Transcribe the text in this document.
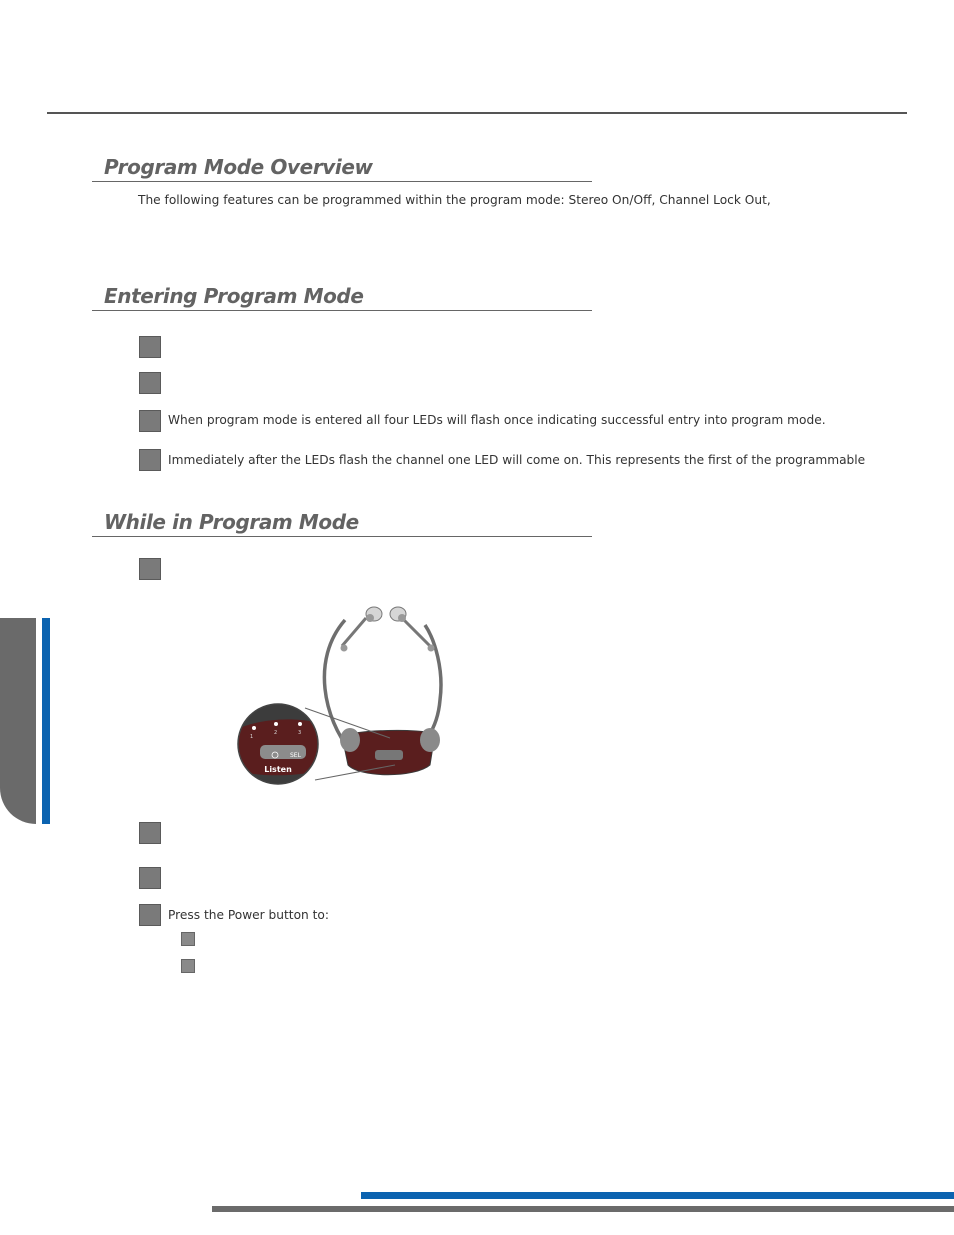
Program Mode Overview
The following features can be programmed within the program mode: Stereo On/Off, Channel Lock Out,
Entering Program Mode
When program mode is entered all four LEDs will flash once indicating successful entry into program mode.
Immediately after the LEDs flash the channel one LED will come on. This represents the first of the programmable
While in Program Mode
1
2	3
SEL
Listen
Press the Power button to:
